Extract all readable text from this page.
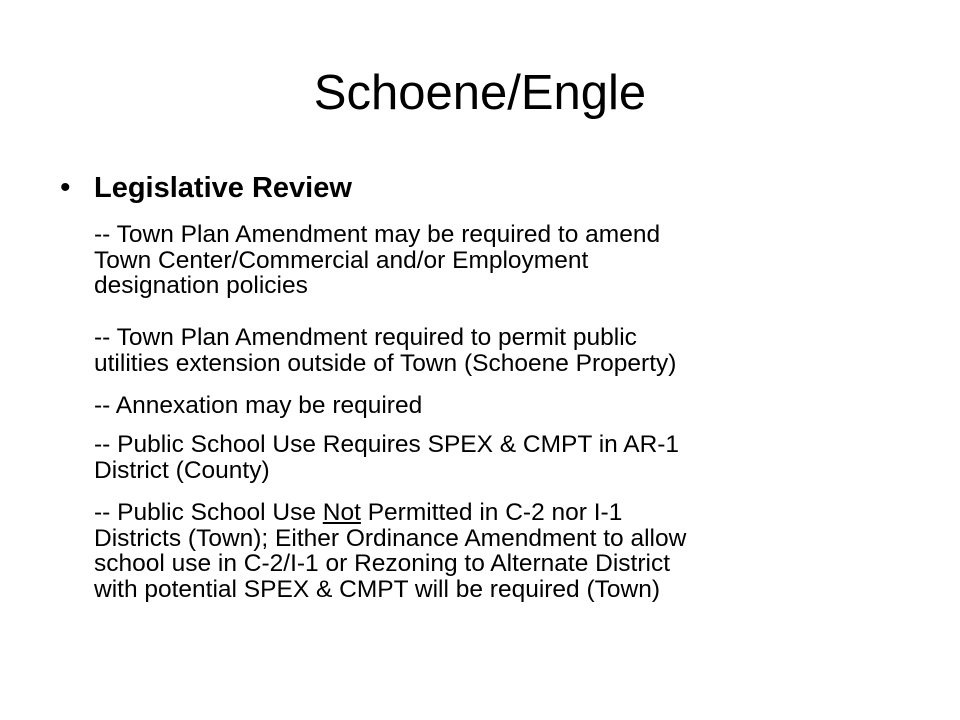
Schoene/Engle
• Legislative Review

-- Town Plan Amendment may be required to amend
Town Center/Commercial and/or Employment
designation policies

-- Town Plan Amendment required to permit public
utilities extension outside of Town (Schoene Property)

-- Annexation may be required

-- Public School Use Requires SPEX & CMPT in AR-1
District (County)

-- Public School Use Not Permitted in C-2 nor I-1
Districts (Town); Either Ordinance Amendment to allow
school use in C-2/I-1 or Rezoning to Alternate District
with potential SPEX & CMPT will be required (Town)
